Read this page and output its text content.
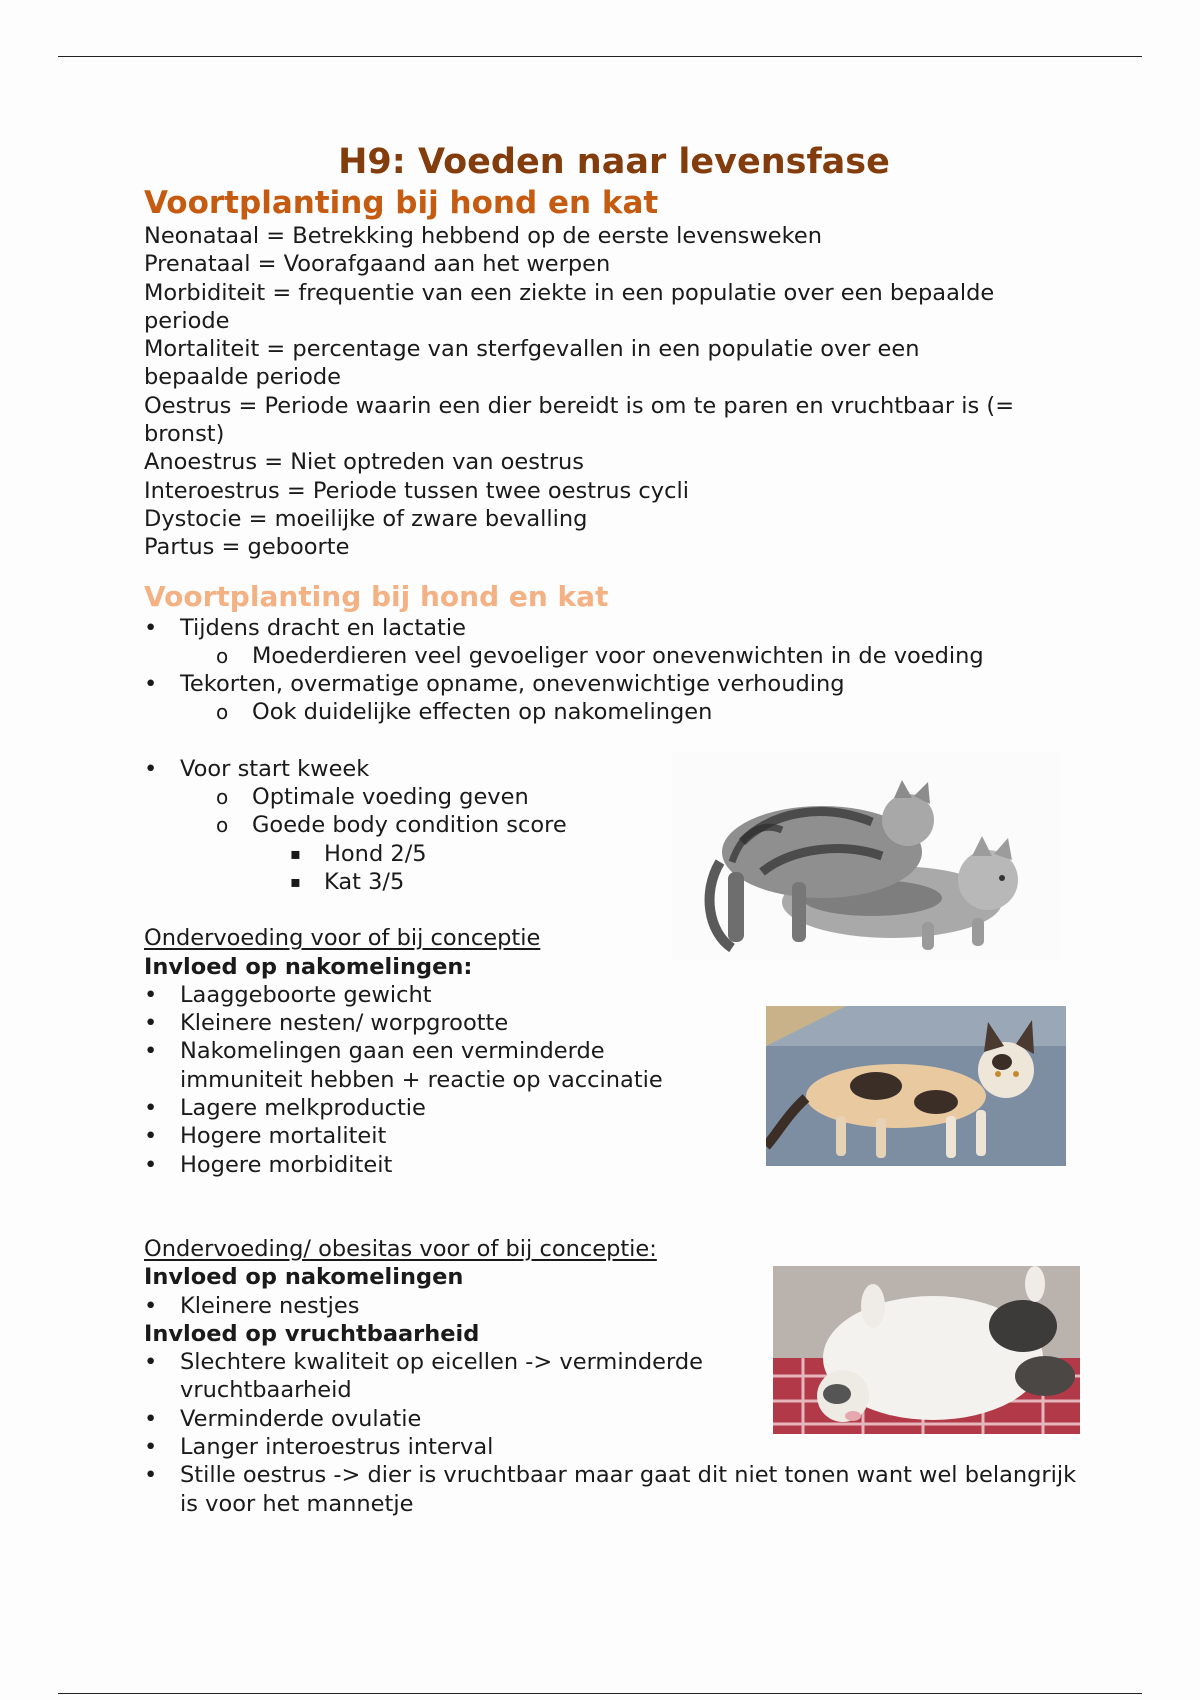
H9: Voeden naar levensfase
Voortplanting bij hond en kat
Neonataal = Betrekking hebbend op de eerste levensweken
Prenataal = Voorafgaand aan het werpen
Morbiditeit = frequentie van een ziekte in een populatie over een bepaalde periode
Mortaliteit = percentage van sterfgevallen in een populatie over een bepaalde periode
Oestrus = Periode waarin een dier bereidt is om te paren en vruchtbaar is (= bronst)
Anoestrus = Niet optreden van oestrus
Interoestrus = Periode tussen twee oestrus cycli
Dystocie = moeilijke of zware bevalling
Partus = geboorte
Voortplanting bij hond en kat
• Tijdens dracht en lactatie
o Moederdieren veel gevoeliger voor onevenwichten in de voeding
• Tekorten, overmatige opname, onevenwichtige verhouding
o Ook duidelijke effecten op nakomelingen
• Voor start kweek
o Optimale voeding geven
o Goede body condition score
▪ Hond 2/5
▪ Kat 3/5
Ondervoeding voor of bij conceptie
Invloed op nakomelingen:
• Laaggeboorte gewicht
• Kleinere nesten/ worpgrootte
• Nakomelingen gaan een verminderde immuniteit hebben + reactie op vaccinatie
• Lagere melkproductie
• Hogere mortaliteit
• Hogere morbiditeit
Ondervoeding/ obesitas voor of bij conceptie:
Invloed op nakomelingen
• Kleinere nestjes
Invloed op vruchtbaarheid
• Slechtere kwaliteit op eicellen -> verminderde vruchtbaarheid
• Verminderde ovulatie
• Langer interoestrus interval
• Stille oestrus -> dier is vruchtbaar maar gaat dit niet tonen want wel belangrijk is voor het mannetje
